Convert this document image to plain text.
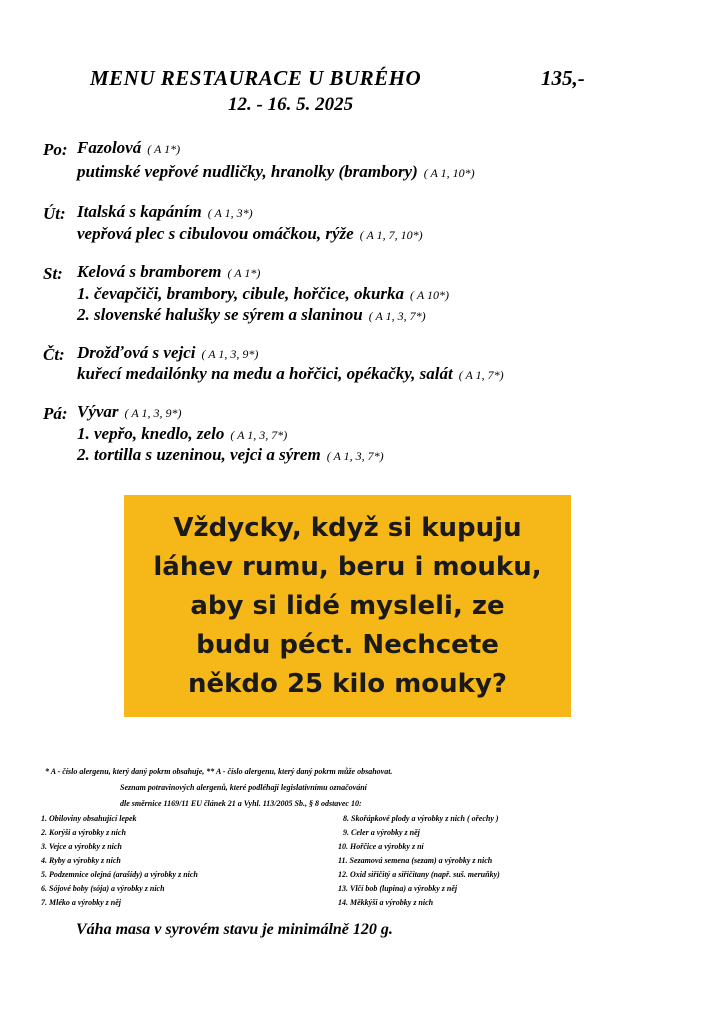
MENU RESTAURACE U BURÉHO	135,-
12. - 16. 5. 2025
Po: Fazolová ( A 1*)
putimské vepřové nudličky, hranolky (brambory) ( A 1, 10*)
Út: Italská s kapáním ( A 1, 3*)
vepřová plec s cibulovou omáčkou, rýže ( A 1, 7, 10*)
St: Kelová s bramborem ( A 1*)
1. čevapčiči, brambory, cibule, hořčice, okurka ( A 10*)
2. slovenské halušky se sýrem a slaninou ( A 1, 3, 7*)
Čt: Drožďová s vejci ( A 1, 3, 9*)
kuřecí medailónky na medu a hořčici, opékačky, salát ( A 1, 7*)
Pá: Vývar ( A 1, 3, 9*)
1. vepřo, knedlo, zelo ( A 1, 3, 7*)
2. tortilla s uzeninou, vejci a sýrem ( A 1, 3, 7*)
Vždycky, když si kupuju
láhev rumu, beru i mouku,
aby si lidé mysleli, ze
budu péct. Nechcete
někdo 25 kilo mouky?
* A - číslo alergenu, který daný pokrm obsahuje, ** A - číslo alergenu, který daný pokrm může obsahovat.
Seznam potravinových alergenů, které podléhají legislativnímu označování
dle směrnice 1169/11 EU článek 21 a Vyhl. 113/2005 Sb., § 8 odstavec 10:
1. Obiloviny obsahující lepek
2. Korýši a výrobky z nich
3. Vejce a výrobky z nich
4. Ryby a výrobky z nich
5. Podzemnice olejná (arašídy) a výrobky z nich
6. Sójové boby (sója) a výrobky z nich
7. Mléko a výrobky z něj
8. Skořápkové plody a výrobky z nich ( ořechy )
9. Celer a výrobky z něj
10. Hořčice a výrobky z ní
11. Sezamová semena (sezam) a výrobky z nich
12. Oxid siřičitý a siřičitany (např. suš. meruňky)
13. Vlčí bob (lupina) a výrobky z něj
14. Měkkýši a výrobky z nich
Váha masa v syrovém stavu je minimálně 120 g.
